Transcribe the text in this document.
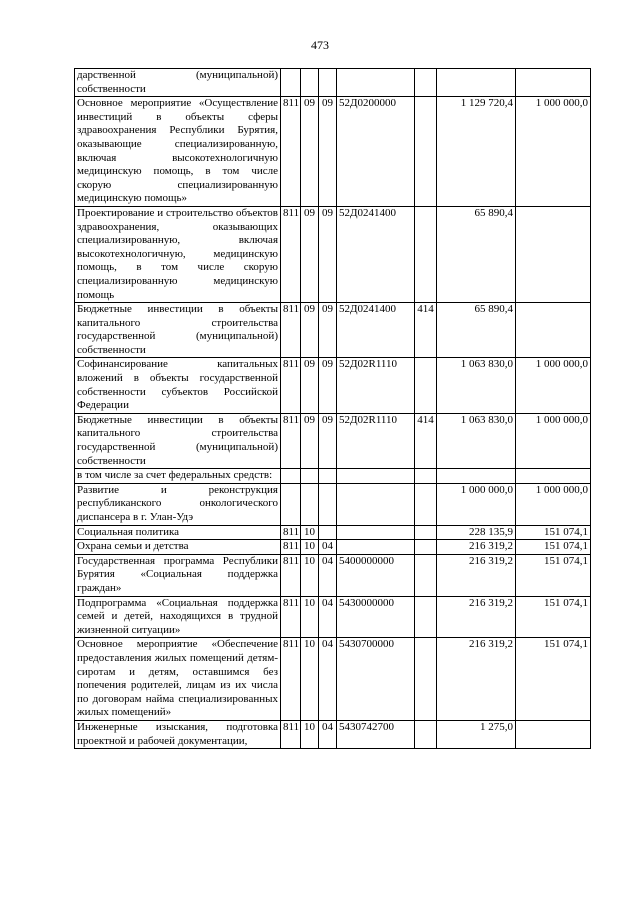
473
дарственной (муниципальной) собственности							
Основное мероприятие «Осуществление инвестиций в объекты сферы здравоохранения Республики Бурятия, оказывающие специализированную, включая высокотехнологичную медицинскую помощь, в том числе скорую специализированную медицинскую помощь»	811	09	09	52Д0200000		1 129 720,4	1 000 000,0
Проектирование и строительство объектов здравоохранения, оказывающих специализированную, включая высокотехнологичную, медицинскую помощь, в том числе скорую специализированную медицинскую помощь	811	09	09	52Д0241400		65 890,4	
Бюджетные инвестиции в объекты капитального строительства государственной (муниципальной) собственности	811	09	09	52Д0241400	414	65 890,4	
Софинансирование капитальных вложений в объекты государственной собственности субъектов Российской Федерации	811	09	09	52Д02R1110		1 063 830,0	1 000 000,0
Бюджетные инвестиции в объекты капитального строительства государственной (муниципальной) собственности	811	09	09	52Д02R1110	414	1 063 830,0	1 000 000,0
в том числе за счет федеральных средств:							
Развитие и реконструкция республиканского онкологического диспансера в г. Улан-Удэ						1 000 000,0	1 000 000,0
Социальная политика	811	10				228 135,9	151 074,1
Охрана семьи и детства	811	10	04			216 319,2	151 074,1
Государственная программа Республики Бурятия «Социальная поддержка граждан»	811	10	04	5400000000		216 319,2	151 074,1
Подпрограмма «Социальная поддержка семей и детей, находящихся в трудной жизненной ситуации»	811	10	04	5430000000		216 319,2	151 074,1
Основное мероприятие «Обеспечение предоставления жилых помещений детям-сиротам и детям, оставшимся без попечения родителей, лицам из их числа по договорам найма специализированных жилых помещений»	811	10	04	5430700000		216 319,2	151 074,1
Инженерные изыскания, подготовка проектной и рабочей документации,	811	10	04	5430742700		1 275,0	
